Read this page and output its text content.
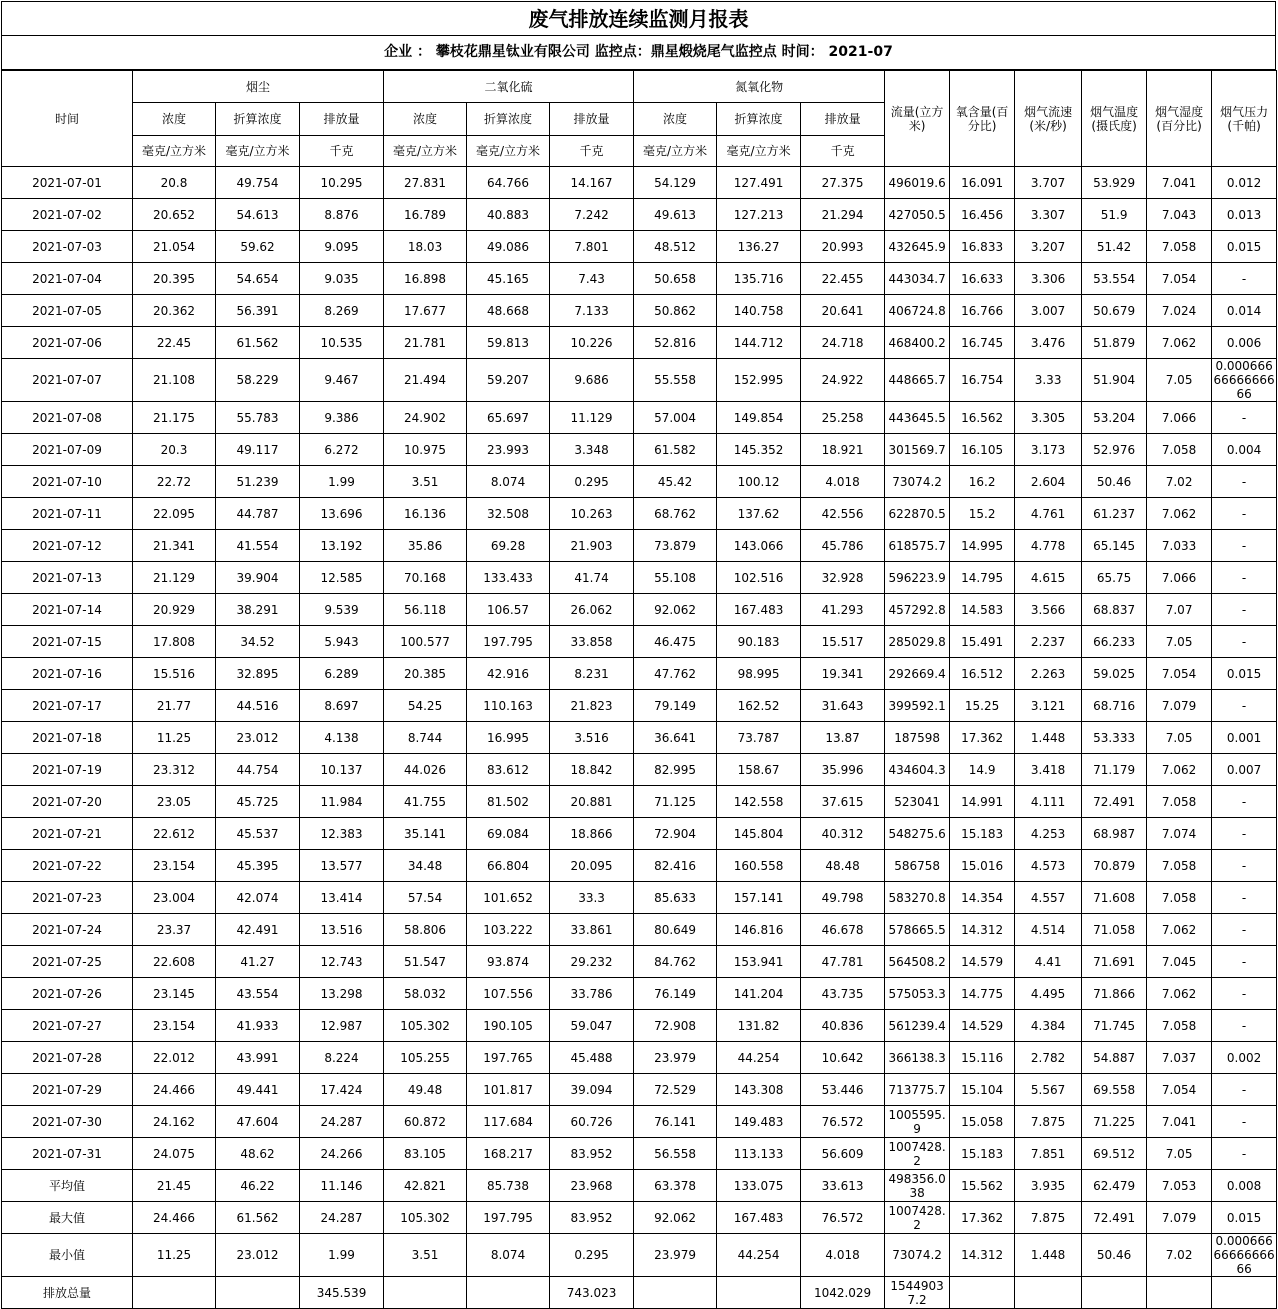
废气排放连续监测月报表
企业 ： 攀枝花鼎星钛业有限公司 监控点：鼎星煅烧尾气监控点 时间： 2021-07
时间	烟尘			二氧化硫			氮氧化物			流量(立方米)	氧含量(百分比)	烟气流速(米/秒)	烟气温度(摄氏度)	烟气湿度(百分比)	烟气压力(千帕)
	浓度	折算浓度	排放量	浓度	折算浓度	排放量	浓度	折算浓度	排放量						
	毫克/立方米	毫克/立方米	千克	毫克/立方米	毫克/立方米	千克	毫克/立方米	毫克/立方米	千克						
2021-07-01	20.8	49.754	10.295	27.831	64.766	14.167	54.129	127.491	27.375	496019.6	16.091	3.707	53.929	7.041	0.012
2021-07-02	20.652	54.613	8.876	16.789	40.883	7.242	49.613	127.213	21.294	427050.5	16.456	3.307	51.9	7.043	0.013
2021-07-03	21.054	59.62	9.095	18.03	49.086	7.801	48.512	136.27	20.993	432645.9	16.833	3.207	51.42	7.058	0.015
2021-07-04	20.395	54.654	9.035	16.898	45.165	7.43	50.658	135.716	22.455	443034.7	16.633	3.306	53.554	7.054	-
2021-07-05	20.362	56.391	8.269	17.677	48.668	7.133	50.862	140.758	20.641	406724.8	16.766	3.007	50.679	7.024	0.014
2021-07-06	22.45	61.562	10.535	21.781	59.813	10.226	52.816	144.712	24.718	468400.2	16.745	3.476	51.879	7.062	0.006
2021-07-07	21.108	58.229	9.467	21.494	59.207	9.686	55.558	152.995	24.922	448665.7	16.754	3.33	51.904	7.05	0.0006666666666666
2021-07-08	21.175	55.783	9.386	24.902	65.697	11.129	57.004	149.854	25.258	443645.5	16.562	3.305	53.204	7.066	-
2021-07-09	20.3	49.117	6.272	10.975	23.993	3.348	61.582	145.352	18.921	301569.7	16.105	3.173	52.976	7.058	0.004
2021-07-10	22.72	51.239	1.99	3.51	8.074	0.295	45.42	100.12	4.018	73074.2	16.2	2.604	50.46	7.02	-
2021-07-11	22.095	44.787	13.696	16.136	32.508	10.263	68.762	137.62	42.556	622870.5	15.2	4.761	61.237	7.062	-
2021-07-12	21.341	41.554	13.192	35.86	69.28	21.903	73.879	143.066	45.786	618575.7	14.995	4.778	65.145	7.033	-
2021-07-13	21.129	39.904	12.585	70.168	133.433	41.74	55.108	102.516	32.928	596223.9	14.795	4.615	65.75	7.066	-
2021-07-14	20.929	38.291	9.539	56.118	106.57	26.062	92.062	167.483	41.293	457292.8	14.583	3.566	68.837	7.07	-
2021-07-15	17.808	34.52	5.943	100.577	197.795	33.858	46.475	90.183	15.517	285029.8	15.491	2.237	66.233	7.05	-
2021-07-16	15.516	32.895	6.289	20.385	42.916	8.231	47.762	98.995	19.341	292669.4	16.512	2.263	59.025	7.054	0.015
2021-07-17	21.77	44.516	8.697	54.25	110.163	21.823	79.149	162.52	31.643	399592.1	15.25	3.121	68.716	7.079	-
2021-07-18	11.25	23.012	4.138	8.744	16.995	3.516	36.641	73.787	13.87	187598	17.362	1.448	53.333	7.05	0.001
2021-07-19	23.312	44.754	10.137	44.026	83.612	18.842	82.995	158.67	35.996	434604.3	14.9	3.418	71.179	7.062	0.007
2021-07-20	23.05	45.725	11.984	41.755	81.502	20.881	71.125	142.558	37.615	523041	14.991	4.111	72.491	7.058	-
2021-07-21	22.612	45.537	12.383	35.141	69.084	18.866	72.904	145.804	40.312	548275.6	15.183	4.253	68.987	7.074	-
2021-07-22	23.154	45.395	13.577	34.48	66.804	20.095	82.416	160.558	48.48	586758	15.016	4.573	70.879	7.058	-
2021-07-23	23.004	42.074	13.414	57.54	101.652	33.3	85.633	157.141	49.798	583270.8	14.354	4.557	71.608	7.058	-
2021-07-24	23.37	42.491	13.516	58.806	103.222	33.861	80.649	146.816	46.678	578665.5	14.312	4.514	71.058	7.062	-
2021-07-25	22.608	41.27	12.743	51.547	93.874	29.232	84.762	153.941	47.781	564508.2	14.579	4.41	71.691	7.045	-
2021-07-26	23.145	43.554	13.298	58.032	107.556	33.786	76.149	141.204	43.735	575053.3	14.775	4.495	71.866	7.062	-
2021-07-27	23.154	41.933	12.987	105.302	190.105	59.047	72.908	131.82	40.836	561239.4	14.529	4.384	71.745	7.058	-
2021-07-28	22.012	43.991	8.224	105.255	197.765	45.488	23.979	44.254	10.642	366138.3	15.116	2.782	54.887	7.037	0.002
2021-07-29	24.466	49.441	17.424	49.48	101.817	39.094	72.529	143.308	53.446	713775.7	15.104	5.567	69.558	7.054	-
2021-07-30	24.162	47.604	24.287	60.872	117.684	60.726	76.141	149.483	76.572	1005595.9	15.058	7.875	71.225	7.041	-
2021-07-31	24.075	48.62	24.266	83.105	168.217	83.952	56.558	113.133	56.609	1007428.2	15.183	7.851	69.512	7.05	-
平均值	21.45	46.22	11.146	42.821	85.738	23.968	63.378	133.075	33.613	498356.038	15.562	3.935	62.479	7.053	0.008
最大值	24.466	61.562	24.287	105.302	197.795	83.952	92.062	167.483	76.572	1007428.2	17.362	7.875	72.491	7.079	0.015
最小值	11.25	23.012	1.99	3.51	8.074	0.295	23.979	44.254	4.018	73074.2	14.312	1.448	50.46	7.02	0.0006666666666666
排放总量			345.539			743.023			1042.029	15449037.2					
